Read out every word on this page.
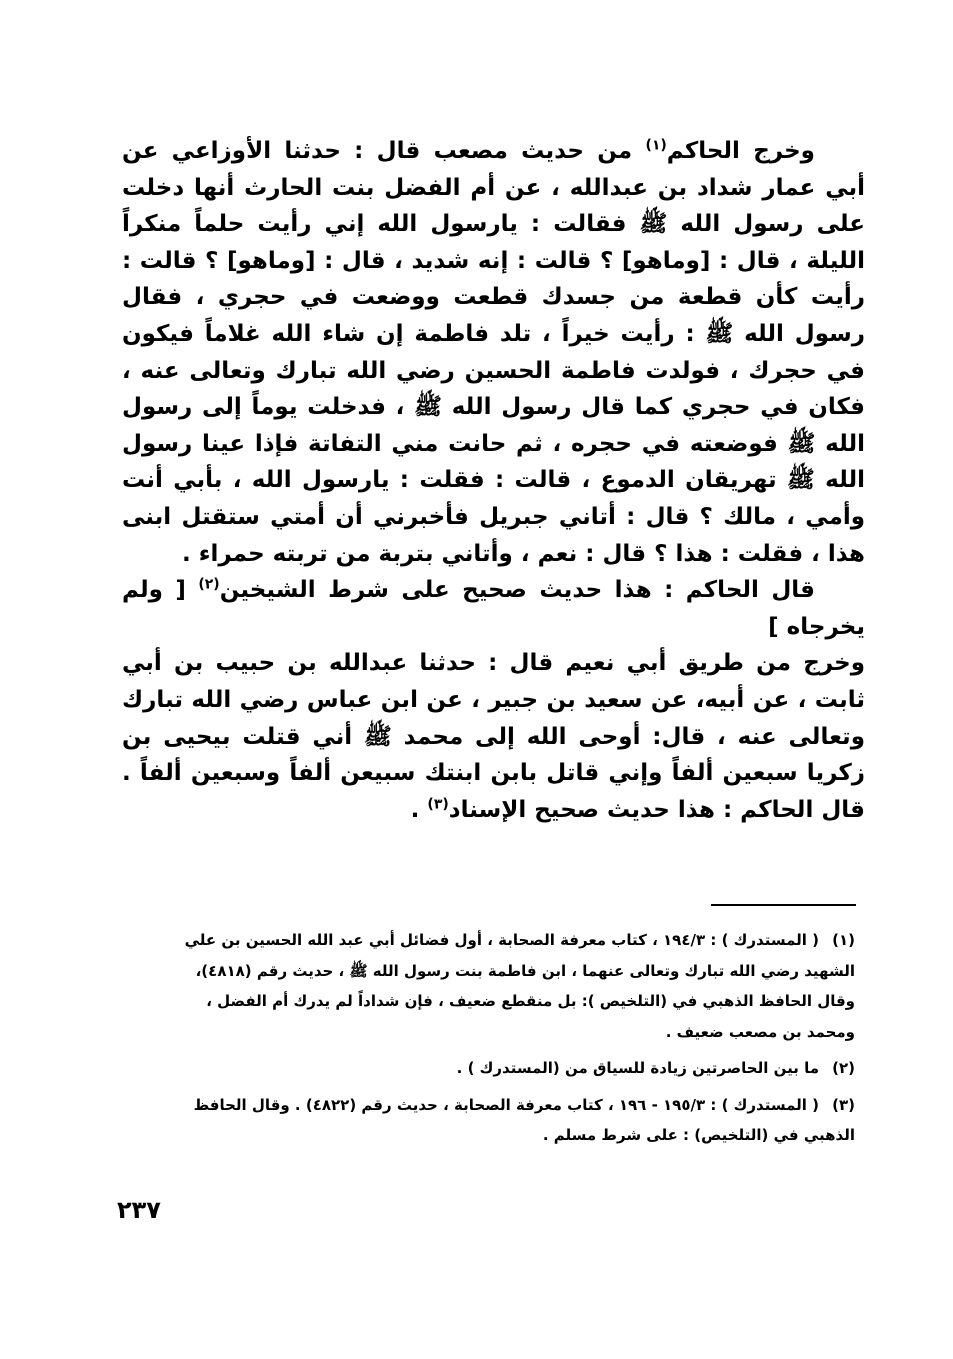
وخرج الحاكم$^{(١)}$ من حديث مصعب قال : حدثنا الأوزاعي عن أبي عمار شداد بن عبدالله ، عن أم الفضل بنت الحارث أنها دخلت على رسول الله ﷺ فقالت : يارسول الله إني رأيت حلماً منكراً الليلة ، قال : [وماهو] ؟ قالت : إنه شديد ، قال : [وماهو] ؟ قالت : رأيت كأن قطعة من جسدك قطعت ووضعت في حجري ، فقال رسول الله ﷺ : رأيت خيراً ، تلد فاطمة إن شاء الله غلاماً فيكون في حجرك ، فولدت فاطمة الحسين رضي الله تبارك وتعالى عنه ، فكان في حجري كما قال رسول الله ﷺ ، فدخلت يوماً إلى رسول الله ﷺ فوضعته في حجره ، ثم حانت مني التفاتة فإذا عينا رسول الله ﷺ تهريقان الدموع ، قالت : فقلت : يارسول الله ، بأبي أنت وأمي ، مالك ؟ قال : أتاني جبريل فأخبرني أن أمتي ستقتل ابنى هذا ، فقلت : هذا ؟ قال : نعم ، وأتاني بتربة من تربته حمراء .

قال الحاكم : هذا حديث صحيح على شرط الشيخين$^{(٢)}$ [ ولم يخرجاه ]

وخرج من طريق أبي نعيم قال : حدثنا عبدالله بن حبيب بن أبي ثابت ، عن أبيه، عن سعيد بن جبير ، عن ابن عباس رضي الله تبارك وتعالى عنه ، قال: أوحى الله إلى محمد ﷺ أني قتلت بيحيى بن زكريا سبعين ألفاً وإني قاتل بابن ابنتك سبيعن ألفاً وسبعين ألفاً . قال الحاكم : هذا حديث صحيح الإسناد$^{(٣)}$ .

(١)( المستدرك ) : ١٩٤/٣ ، كتاب معرفة الصحابة ، أول فضائل أبي عبد الله الحسين بن علي

الشهيد رضي الله تبارك وتعالى عنهما ، ابن فاطمة بنت رسول الله ﷺ ، حديث رقم (٤٨١٨)،

وقال الحافظ الذهبي في (التلخيص ): بل منقطع ضعيف ، فإن شداداً لم يدرك أم الفضل ،

ومحمد بن مصعب ضعيف .

(٢)ما بين الحاصرتين زيادة للسياق من (المستدرك ) .

(٣)( المستدرك ) : ١٩٥/٣ - ١٩٦ ، كتاب معرفة الصحابة ، حديث رقم (٤٨٢٢) . وقال الحافظ

الذهبي في (التلخيص) : على شرط مسلم .

٢٣٧
